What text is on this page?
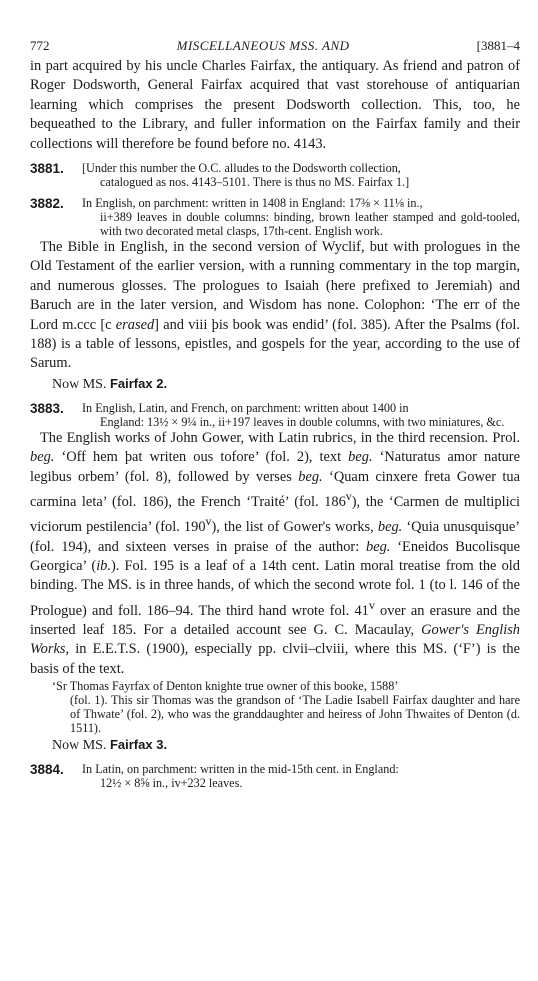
772	MISCELLANEOUS MSS. AND	[3881–4

in part acquired by his uncle Charles Fairfax, the antiquary. As friend and patron of Roger Dodsworth, General Fairfax acquired that vast storehouse of antiquarian learning which comprises the present Dodsworth collection. This, too, he bequeathed to the Library, and fuller information on the Fairfax family and their collections will therefore be found before no. 4143.

3881.	[Under this number the O.C. alludes to the Dodsworth collection,
catalogued as nos. 4143–5101. There is thus no MS. Fairfax 1.]
3882.	In English, on parchment: written in 1408 in England: 17⅜ × 11⅛ in.,
ii+389 leaves in double columns: binding, brown leather stamped and gold-tooled, with two decorated metal clasps, 17th-cent. English work.

The Bible in English, in the second version of Wyclif, but with prologues in the Old Testament of the earlier version, with a running commentary in the top margin, and numerous glosses. The prologues to Isaiah (here prefixed to Jeremiah) and Baruch are in the later version, and Wisdom has none. Colophon: ‘The err of the Lord m.ccc [c erased] and viii þis book was endid’ (fol. 385). After the Psalms (fol. 188) is a table of lessons, epistles, and gospels for the year, according to the use of Sarum.

Now MS. Fairfax 2.
3883.	In English, Latin, and French, on parchment: written about 1400 in
England: 13½ × 9¼ in., ii+197 leaves in double columns, with two miniatures, &c.

The English works of John Gower, with Latin rubrics, in the third recension. Prol. beg. ‘Off hem þat writen ous tofore’ (fol. 2), text beg. ‘Naturatus amor nature legibus orbem’ (fol. 8), followed by verses beg. ‘Quam cinxere freta Gower tua carmina leta’ (fol. 186), the French ‘Traité’ (fol. 186$^v$), the ‘Carmen de multiplici viciorum pestilencia’ (fol. 190$^v$), the list of Gower's works, beg. ‘Quia unusquisque’ (fol. 194), and sixteen verses in praise of the author: beg. ‘Eneidos Bucolisque Georgica’ (ib.). Fol. 195 is a leaf of a 14th cent. Latin moral treatise from the old binding. The MS. is in three hands, of which the second wrote fol. 1 (to l. 146 of the Prologue) and foll. 186–94. The third hand wrote fol. 41$^v$ over an erasure and the inserted leaf 185. For a detailed account see G. C. Macaulay, Gower's English Works, in E.E.T.S. (1900), especially pp. clvii–clviii, where this MS. (‘F’) is the basis of the text.

‘Sr Thomas Fayrfax of Denton knighte true owner of this booke, 1588’
(fol. 1). This sir Thomas was the grandson of ‘The Ladie Isabell Fairfax daughter and hare of Thwate’ (fol. 2), who was the granddaughter and heiress of John Thwaites of Denton (d. 1511).
Now MS. Fairfax 3.
3884.	In Latin, on parchment: written in the mid-15th cent. in England:
12½ × 8⅝ in., iv+232 leaves.
